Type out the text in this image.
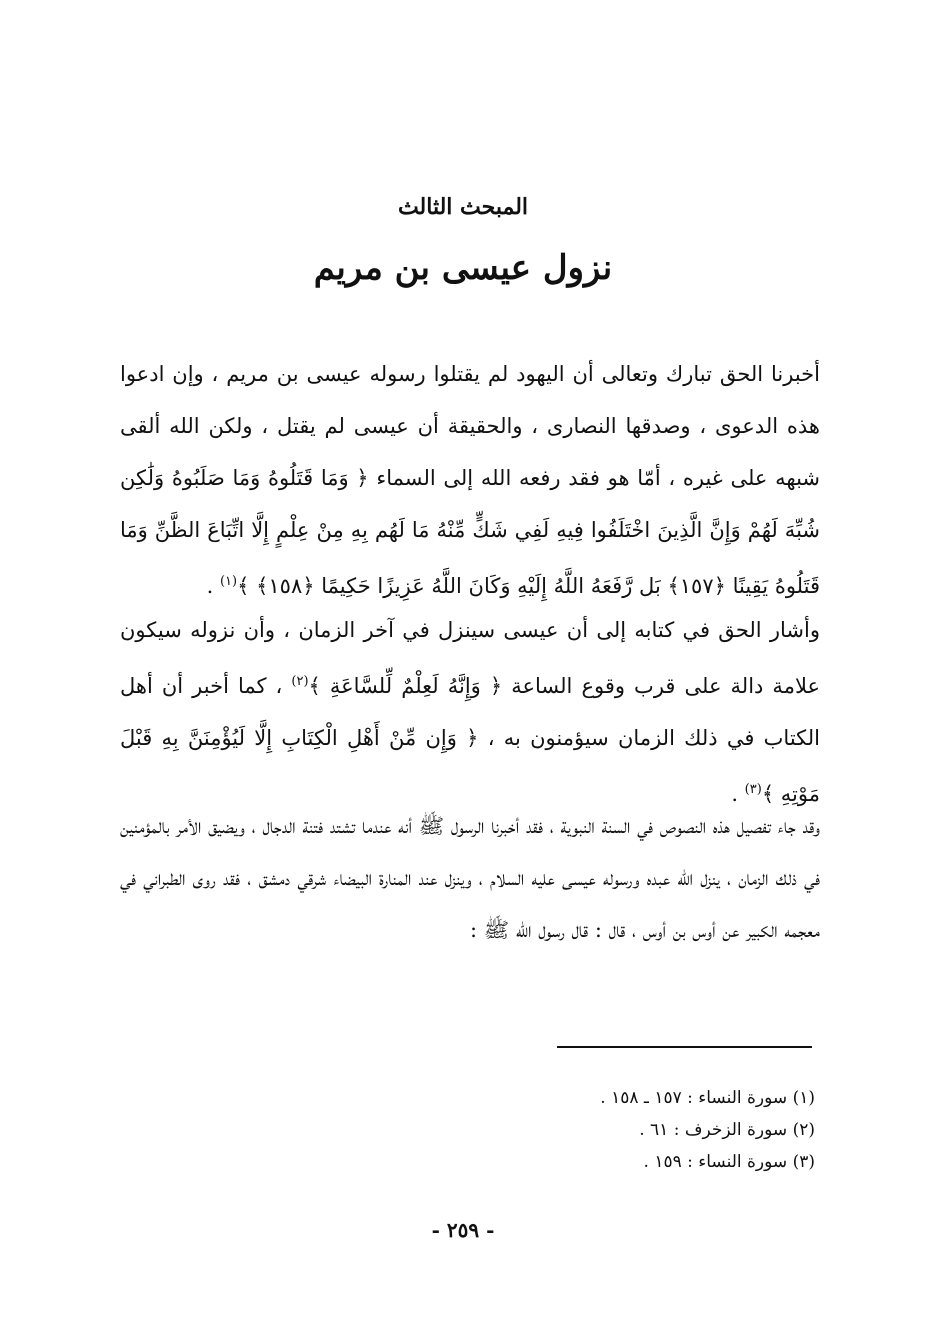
المبحث الثالث
نزول عيسى بن مريم

أخبرنا الحق تبارك وتعالى أن اليهود لم يقتلوا رسوله عيسى بن مريم ، وإن ادعوا هذه الدعوى ، وصدقها النصارى ، والحقيقة أن عيسى لم يقتل ، ولكن الله ألقى شبهه على غيره ، أمّا هو فقد رفعه الله إلى السماء ﴿ وَمَا قَتَلُوهُ وَمَا صَلَبُوهُ وَلَٰكِن شُبِّهَ لَهُمْ وَإِنَّ الَّذِينَ اخْتَلَفُوا فِيهِ لَفِي شَكٍّ مِّنْهُ مَا لَهُم بِهِ مِنْ عِلْمٍ إِلَّا اتِّبَاعَ الظَّنِّ وَمَا قَتَلُوهُ يَقِينًا ﴿١٥٧﴾ بَل رَّفَعَهُ اللَّهُ إِلَيْهِ وَكَانَ اللَّهُ عَزِيزًا حَكِيمًا ﴿١٥٨﴾ ﴾$^{(١)}$ .

وأشار الحق في كتابه إلى أن عيسى سينزل في آخر الزمان ، وأن نزوله سيكون علامة دالة على قرب وقوع الساعة ﴿ وَإِنَّهُ لَعِلْمٌ لِّلسَّاعَةِ ﴾$^{(٢)}$ ، كما أخبر أن أهل الكتاب في ذلك الزمان سيؤمنون به ، ﴿ وَإِن مِّنْ أَهْلِ الْكِتَابِ إِلَّا لَيُؤْمِنَنَّ بِهِ قَبْلَ مَوْتِهِ ﴾$^{(٣)}$ .

وقد جاء تفصيل هذه النصوص في السنة النبوية ، فقد أخبرنا الرسول ﷺ أنه عندما تشتد فتنة الدجال ، ويضيق الأمر بالمؤمنين في ذلك الزمان ، ينزل الله عبده ورسوله عيسى عليه السلام ، وينزل عند المنارة البيضاء شرقي دمشق ، فقد روى الطبراني في معجمه الكبير عن أوس بن أوس ، قال : قال رسول الله ﷺ :

(١) سورة النساء : ١٥٧ ـ ١٥٨ .
(٢) سورة الزخرف : ٦١ .
(٣) سورة النساء : ١٥٩ .
- ٢٥٩ -
